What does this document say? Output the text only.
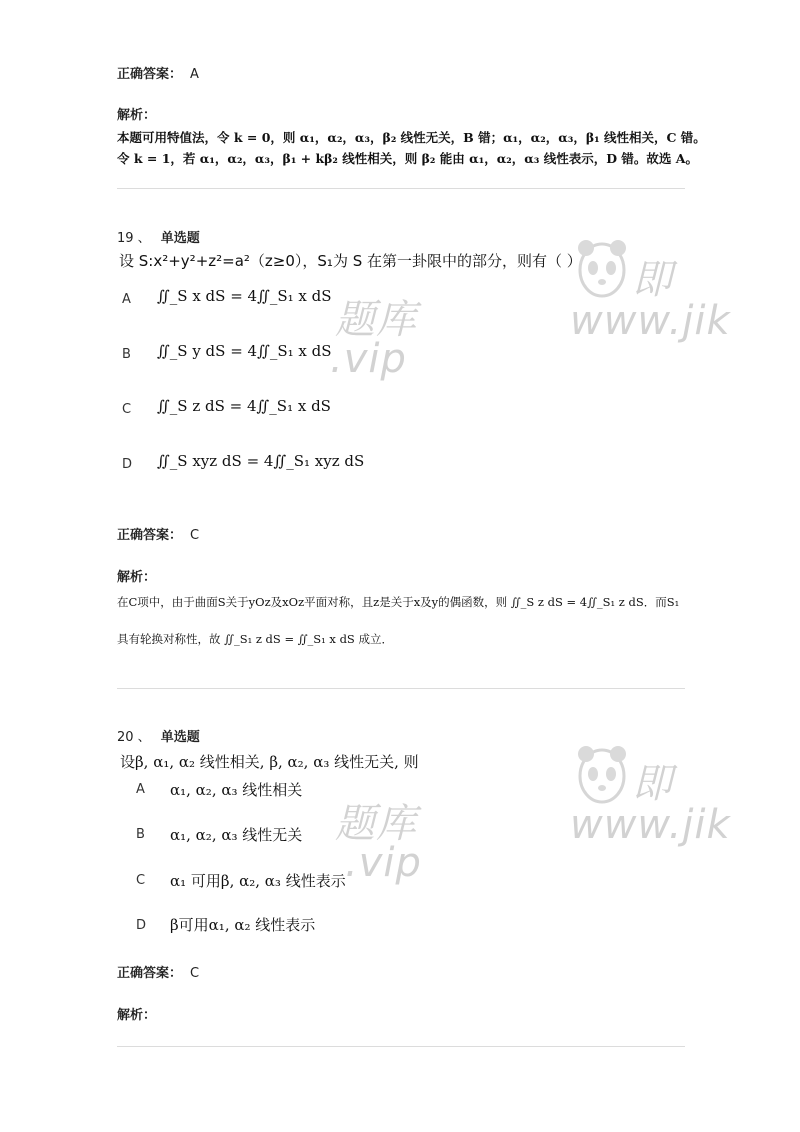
正确答案： A
解析：
本题可用特值法，令 k = 0，则 α₁，α₂，α₃，β₂ 线性无关，B 错；α₁，α₂，α₃，β₁ 线性相关，C 错。
令 k = 1，若 α₁，α₂，α₃，β₁ + kβ₂ 线性相关，则 β₂ 能由 α₁，α₂，α₃ 线性表示，D 错。故选 A。
19 、 单选题
设 S:x²+y²+z²=a²（z≥0），S₁为 S 在第一卦限中的部分，则有（ ）
A ∬_S x dS = 4∬_S₁ x dS
B ∬_S y dS = 4∬_S₁ x dS
C ∬_S z dS = 4∬_S₁ x dS
D ∬_S xyz dS = 4∬_S₁ xyz dS
正确答案： C
解析：
在C项中，由于曲面S关于yOz及xOz平面对称，且z是关于x及y的偶函数，则 ∬_S z dS = 4∬_S₁ z dS．而S₁
具有轮换对称性，故 ∬_S₁ z dS = ∬_S₁ x dS 成立．
20 、 单选题
设β, α₁, α₂ 线性相关, β, α₂, α₃ 线性无关, 则
A α₁, α₂, α₃ 线性相关
B α₁, α₂, α₃ 线性无关
C α₁ 可用β, α₂, α₃ 线性表示
D β可用α₁, α₂ 线性表示
正确答案： C
解析：
即
题库	www.jik
.vip
即
题库	www.jik
.vip
